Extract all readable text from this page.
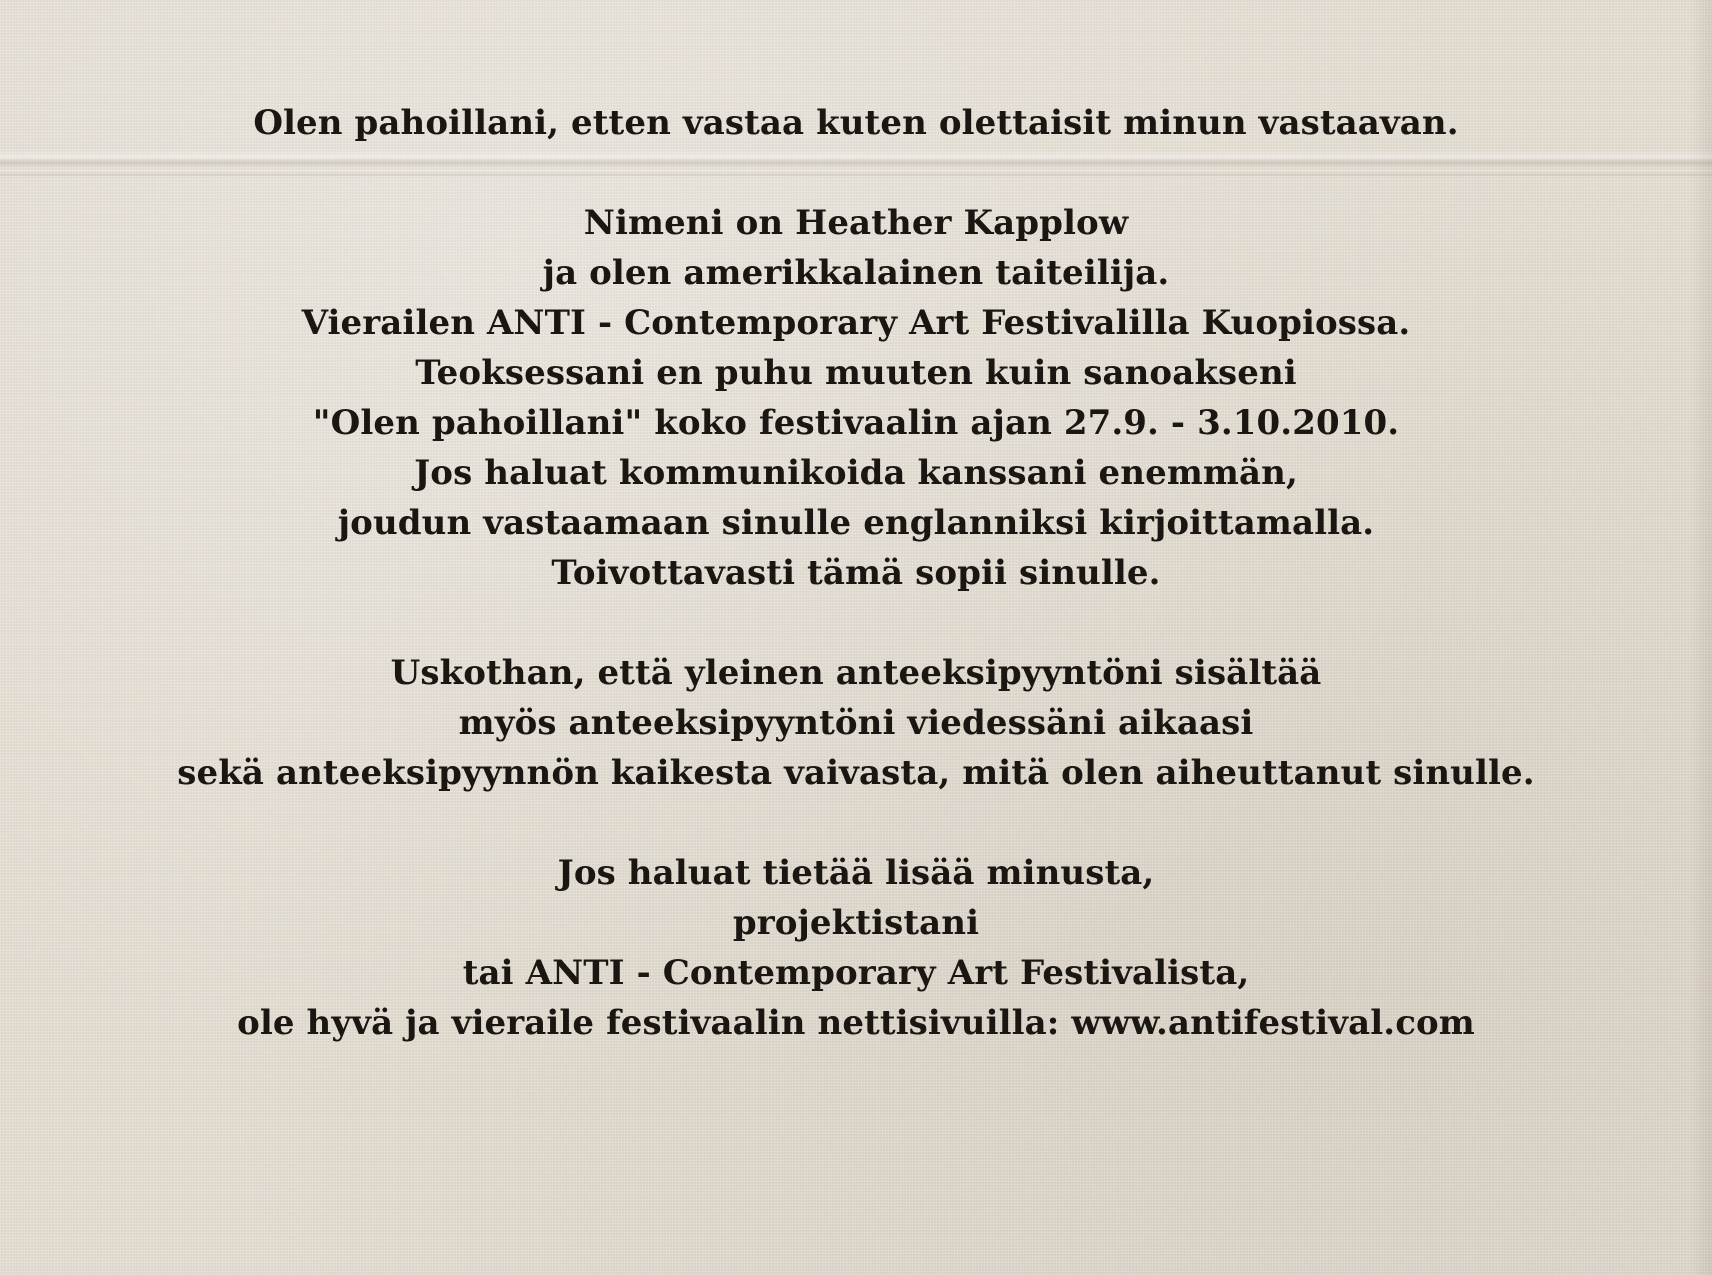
Olen pahoillani, etten vastaa kuten olettaisit minun vastaavan.
Nimeni on Heather Kapplow
ja olen amerikkalainen taiteilija.
Vierailen ANTI - Contemporary Art Festivalilla Kuopiossa.
Teoksessani en puhu muuten kuin sanoakseni
"Olen pahoillani" koko festivaalin ajan 27.9. - 3.10.2010.
Jos haluat kommunikoida kanssani enemmän,
joudun vastaamaan sinulle englanniksi kirjoittamalla.
Toivottavasti tämä sopii sinulle.
Uskothan, että yleinen anteeksipyyntöni sisältää
myös anteeksipyyntöni viedessäni aikaasi
sekä anteeksipyynnön kaikesta vaivasta, mitä olen aiheuttanut sinulle.
Jos haluat tietää lisää minusta,
projektistani
tai ANTI - Contemporary Art Festivalista,
ole hyvä ja vieraile festivaalin nettisivuilla: www.antifestival.com
